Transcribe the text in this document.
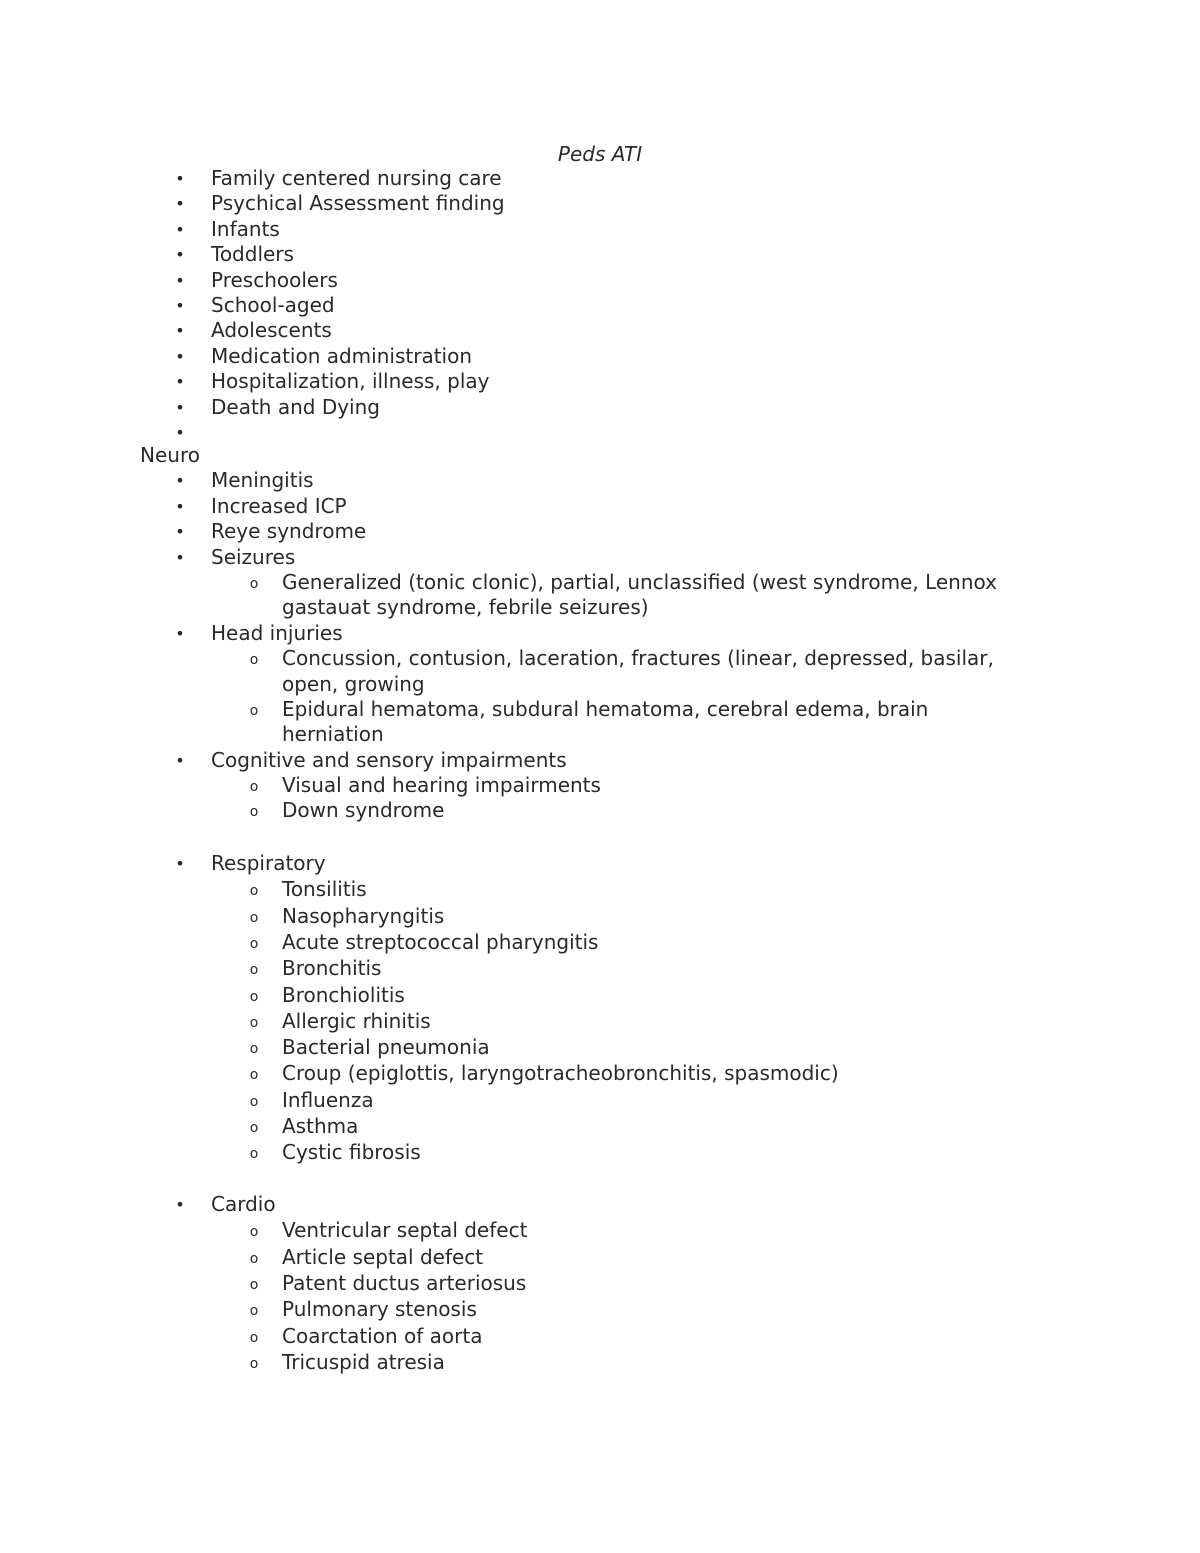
Peds ATI
• Family centered nursing care
• Psychical Assessment finding
• Infants
• Toddlers
• Preschoolers
• School-aged
• Adolescents
• Medication administration
• Hospitalization, illness, play
• Death and Dying
•
Neuro
• Meningitis
• Increased ICP
• Reye syndrome
• Seizures
o Generalized (tonic clonic), partial, unclassified (west syndrome, Lennox
gastauat syndrome, febrile seizures)
• Head injuries
o Concussion, contusion, laceration, fractures (linear, depressed, basilar,
open, growing
o Epidural hematoma, subdural hematoma, cerebral edema, brain
herniation
• Cognitive and sensory impairments
o Visual and hearing impairments
o Down syndrome
• Respiratory
o Tonsilitis
o Nasopharyngitis
o Acute streptococcal pharyngitis
o Bronchitis
o Bronchiolitis
o Allergic rhinitis
o Bacterial pneumonia
o Croup (epiglottis, laryngotracheobronchitis, spasmodic)
o Influenza
o Asthma
o Cystic fibrosis
• Cardio
o Ventricular septal defect
o Article septal defect
o Patent ductus arteriosus
o Pulmonary stenosis
o Coarctation of aorta
o Tricuspid atresia
